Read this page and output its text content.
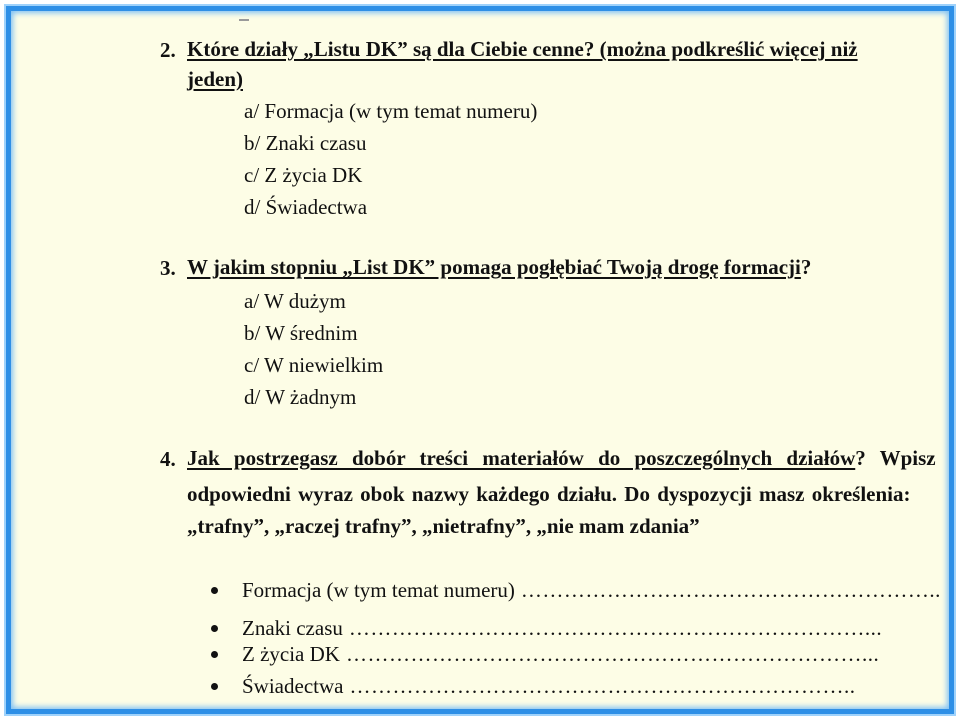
2. Które działy „Listu DK” są dla Ciebie cenne? (można podkreślić więcej niż
jeden)
a/ Formacja (w tym temat numeru)
b/ Znaki czasu
c/ Z życia DK
d/ Świadectwa
3. W jakim stopniu „List DK” pomaga pogłębiać Twoją drogę formacji?
a/ W dużym
b/ W średnim
c/ W niewielkim
d/ W żadnym
4. Jak postrzegasz dobór treści materiałów do poszczególnych działów? Wpisz
odpowiedni wyraz obok nazwy każdego działu. Do dyspozycji masz określenia:
„trafny”, „raczej trafny”, „nietrafny”, „nie mam zdania”
Formacja (w tym temat numeru) …………………………………………………..
Znaki czasu ………………………………………………………………...
Z życia DK ………………………………………………………………...
Świadectwa ……………………………………………………………..
